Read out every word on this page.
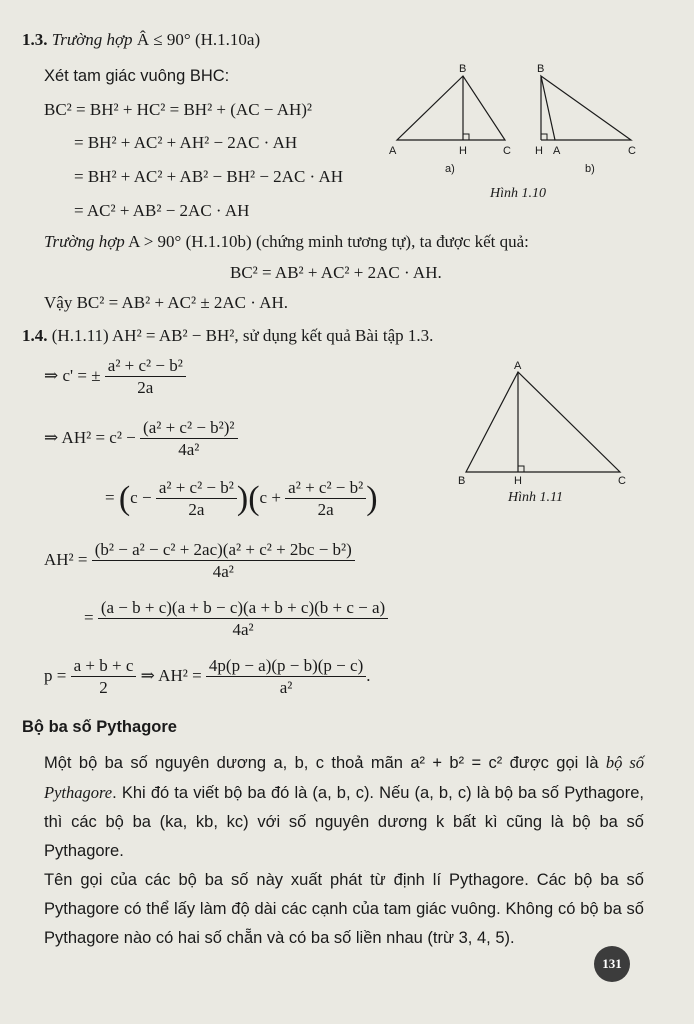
1.3. Trường hợp Â ≤ 90° (H.1.10a)
Xét tam giác vuông BHC:
BC² = BH² + HC² = BH² + (AC − AH)²
= BH² + AC² + AH² − 2AC · AH
= BH² + AC² + AB² − BH² − 2AC · AH
= AC² + AB² − 2AC · AH
Trường hợp A > 90° (H.1.10b) (chứng minh tương tự), ta được kết quả:
BC² = AB² + AC² + 2AC · AH.
Vậy BC² = AB² + AC² ± 2AC · AH.
B
A	H	C
a)
B
H A	C
b)
Hình 1.10
1.4. (H.1.11) AH² = AB² − BH², sử dụng kết quả Bài tập 1.3.
⇒ c' = ± $\frac{\text{a² + c² − b²}}{2a}$
⇒ $AH^2 = c^2 - \frac{\text{(a² + c² − b²)²}}{\text{4a²}}$
= $(c - \frac{\text{a² + c² − b²}}{2a} )(c + \frac{\text{a² + c² − b²}}{2a}$ )
$AH^2 = \frac{\text{(b² − a² − c² + 2ac)(a² + c² + 2bc − b²)}}{\text{4a²}}$
= $\frac{(a - b + c)(a + b - c)(a + b + c)(b + c - a)}{\text{4a²}}$
$p = \frac{a + b + c}{2}$ ⇒ $AH^2 = \frac{4p(p - a)(p - b)(p - c)}{\text{a²}}$ .
A
B	H	C
Hình 1.11
Bộ ba số Pythagore
Một bộ ba số nguyên dương a, b, c thoả mãn a² + b² = c² được gọi là bộ số Pythagore. Khi đó ta viết bộ ba đó là (a, b, c). Nếu (a, b, c) là bộ ba số Pythagore, thì các bộ ba (ka, kb, kc) với số nguyên dương k bất kì cũng là bộ ba số Pythagore.
Tên gọi của các bộ ba số này xuất phát từ định lí Pythagore. Các bộ ba số Pythagore có thể lấy làm độ dài các cạnh của tam giác vuông. Không có bộ ba số Pythagore nào có hai số chẵn và có ba số liền nhau (trừ 3, 4, 5).
131
